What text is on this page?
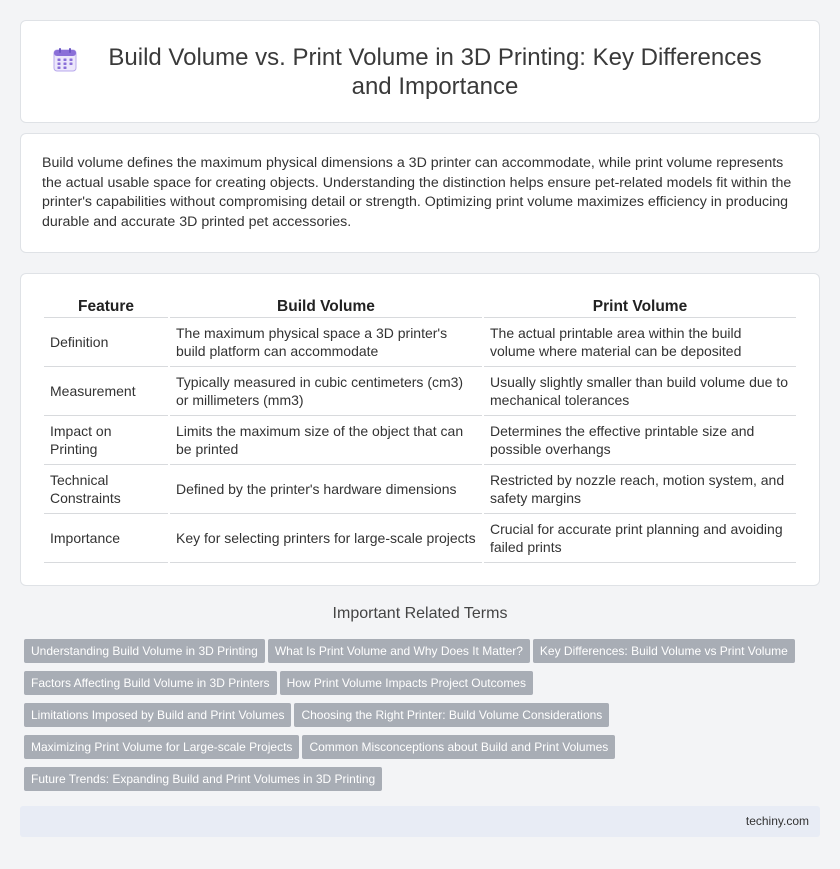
Build Volume vs. Print Volume in 3D Printing: Key Differences and Importance

Build volume defines the maximum physical dimensions a 3D printer can accommodate, while print volume represents the actual usable space for creating objects. Understanding the distinction helps ensure pet-related models fit within the printer's capabilities without compromising detail or strength. Optimizing print volume maximizes efficiency in producing durable and accurate 3D printed pet accessories.

Feature	Build Volume	Print Volume
Definition	The maximum physical space a 3D printer's build platform can accommodate	The actual printable area within the build volume where material can be deposited
Measurement	Typically measured in cubic centimeters (cm3) or millimeters (mm3)	Usually slightly smaller than build volume due to mechanical tolerances
Impact on Printing	Limits the maximum size of the object that can be printed	Determines the effective printable size and possible overhangs
Technical Constraints	Defined by the printer's hardware dimensions	Restricted by nozzle reach, motion system, and safety margins
Importance	Key for selecting printers for large-scale projects	Crucial for accurate print planning and avoiding failed prints
Important Related Terms
Understanding Build Volume in 3D Printing What Is Print Volume and Why Does It Matter? Key Differences: Build Volume vs Print Volume
Factors Affecting Build Volume in 3D Printers How Print Volume Impacts Project Outcomes
Limitations Imposed by Build and Print Volumes Choosing the Right Printer: Build Volume Considerations
Maximizing Print Volume for Large-scale Projects Common Misconceptions about Build and Print Volumes
Future Trends: Expanding Build and Print Volumes in 3D Printing
techiny.com
